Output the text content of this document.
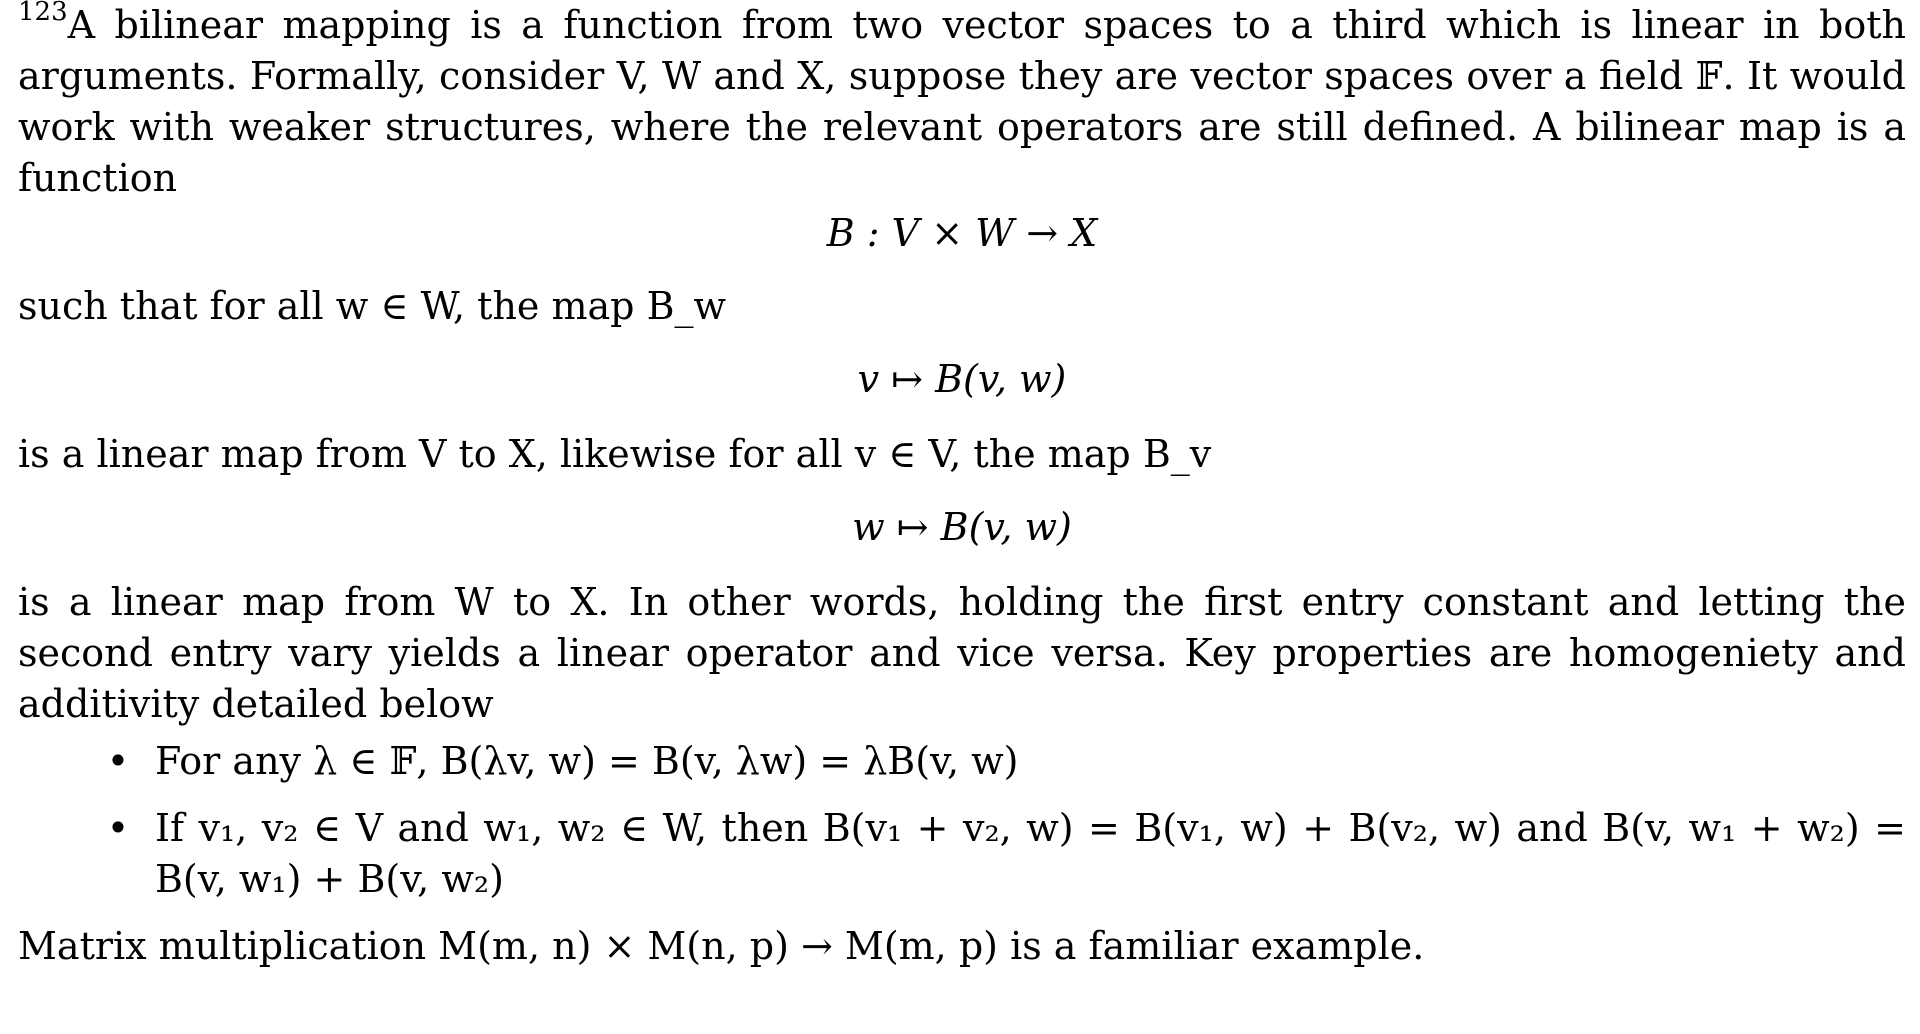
$^{123}$A bilinear mapping is a function from two vector spaces to a third which is linear in both arguments. Formally, consider V, W and X, suppose they are vector spaces over a field 𝔽. It would work with weaker structures, where the relevant operators are still defined. A bilinear map is a function

B : V × W → X

such that for all w ∈ W, the map B_w

v ↦ B(v, w)

is a linear map from V to X, likewise for all v ∈ V, the map B_v

w ↦ B(v, w)

is a linear map from W to X. In other words, holding the first entry constant and letting the second entry vary yields a linear operator and vice versa. Key properties are homogeniety and additivity detailed below

• For any λ ∈ 𝔽, B(λv, w) = B(v, λw) = λB(v, w)
• If v₁, v₂ ∈ V and w₁, w₂ ∈ W, then B(v₁ + v₂, w) = B(v₁, w) + B(v₂, w) and B(v, w₁ + w₂) = B(v, w₁) + B(v, w₂)

Matrix multiplication M(m, n) × M(n, p) → M(m, p) is a familiar example.
